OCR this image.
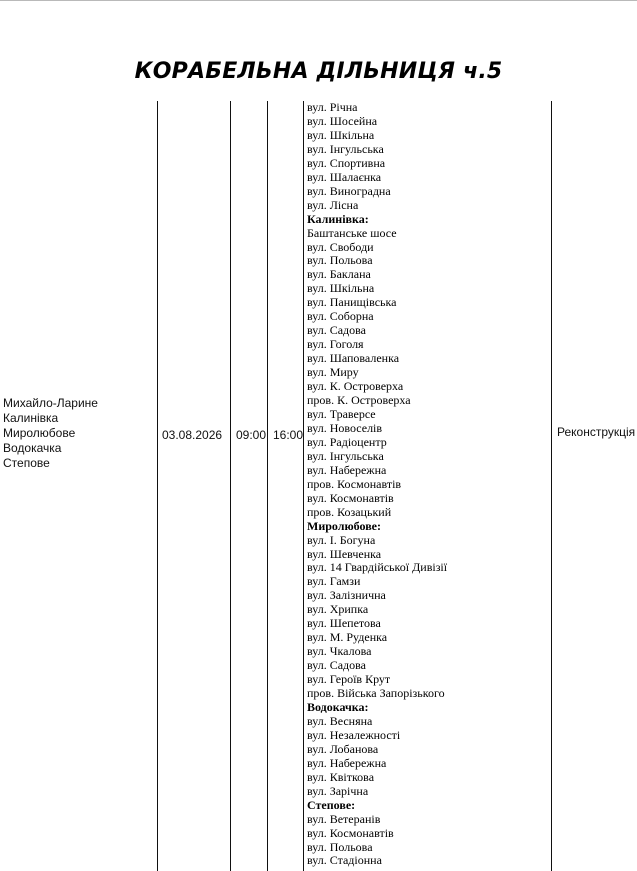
КОРАБЕЛЬНА ДІЛЬНИЦЯ ч.5
Михайло-Ларине
Калинівка
Миролюбове
Водокачка
Степове
03.08.2026 09:00 16:00
вул. Річна
вул. Шосейна
вул. Шкільна
вул. Інгульська
вул. Спортивна
вул. Шалаєнка
вул. Виноградна
вул. Лісна
Калинівка:
Баштанське шосе
вул. Свободи
вул. Польова
вул. Баклана
вул. Шкільна
вул. Панищівська
вул. Соборна
вул. Садова
вул. Гоголя
вул. Шаповаленка
вул. Миру
вул. К. Островерха
пров. К. Островерха
вул. Траверсе
вул. Новоселів
вул. Радіоцентр
вул. Інгульська
вул. Набережна
пров. Космонавтів
вул. Космонавтів
пров. Козацький
Миролюбове:
вул. І. Богуна
вул. Шевченка
вул. 14 Гвардійської Дивізії
вул. Гамзи
вул. Залізнична
вул. Хрипка
вул. Шепетова
вул. М. Руденка
вул. Чкалова
вул. Садова
вул. Героїв Крут
пров. Війська Запорізького
Водокачка:
вул. Весняна
вул. Незалежності
вул. Лобанова
вул. Набережна
вул. Квіткова
вул. Зарічна
Степове:
вул. Ветеранів
вул. Космонавтів
вул. Польова
вул. Стадіонна
Реконструкція
